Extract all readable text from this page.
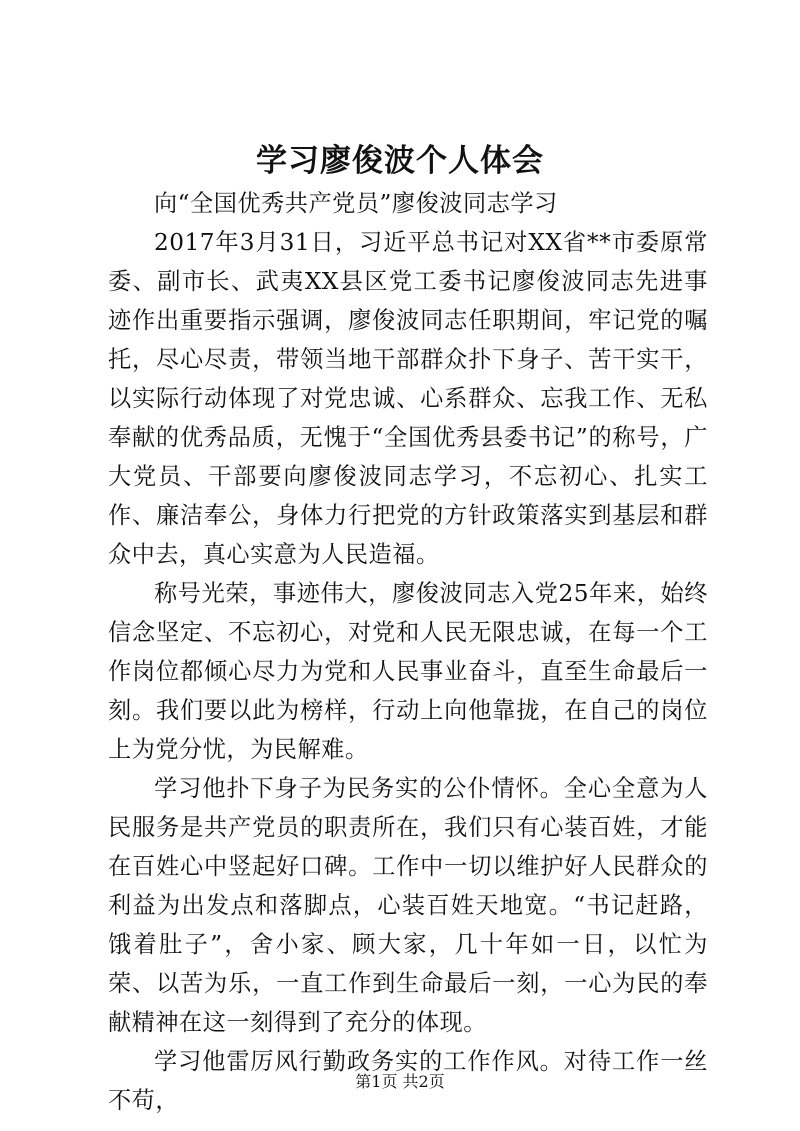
学习廖俊波个人体会

向“全国优秀共产党员”廖俊波同志学习

2017年3月31日，习近平总书记对XX省**市委原常委、副市长、武夷XX县区党工委书记廖俊波同志先进事迹作出重要指示强调，廖俊波同志任职期间，牢记党的嘱托，尽心尽责，带领当地干部群众扑下身子、苦干实干，以实际行动体现了对党忠诚、心系群众、忘我工作、无私奉献的优秀品质，无愧于“全国优秀县委书记”的称号，广大党员、干部要向廖俊波同志学习，不忘初心、扎实工作、廉洁奉公，身体力行把党的方针政策落实到基层和群众中去，真心实意为人民造福。

称号光荣，事迹伟大，廖俊波同志入党25年来，始终信念坚定、不忘初心，对党和人民无限忠诚，在每一个工作岗位都倾心尽力为党和人民事业奋斗，直至生命最后一刻。我们要以此为榜样，行动上向他靠拢，在自己的岗位上为党分忧，为民解难。

学习他扑下身子为民务实的公仆情怀。全心全意为人民服务是共产党员的职责所在，我们只有心装百姓，才能在百姓心中竖起好口碑。工作中一切以维护好人民群众的利益为出发点和落脚点，心装百姓天地宽。“书记赶路，饿着肚子”，舍小家、顾大家，几十年如一日，以忙为荣、以苦为乐，一直工作到生命最后一刻，一心为民的奉献精神在这一刻得到了充分的体现。

学习他雷厉风行勤政务实的工作作风。对待工作一丝不苟，

第1页 共2页
